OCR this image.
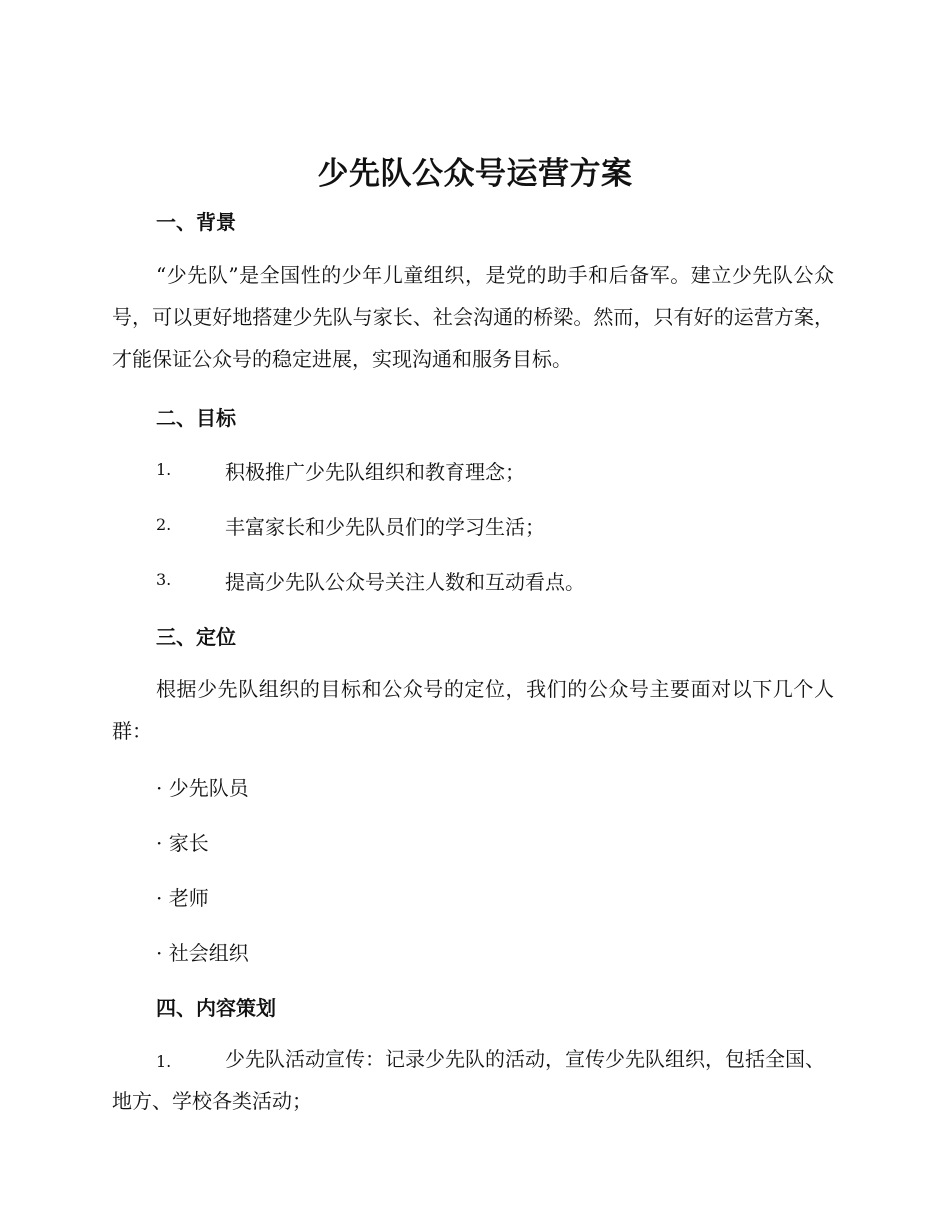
少先队公众号运营方案
一、背景
“少先队”是全国性的少年儿童组织，是党的助手和后备军。建立少先队公众号，可以更好地搭建少先队与家长、社会沟通的桥梁。然而，只有好的运营方案，才能保证公众号的稳定进展，实现沟通和服务目标。
二、目标
1.	积极推广少先队组织和教育理念；
2.	丰富家长和少先队员们的学习生活；
3.	提高少先队公众号关注人数和互动看点。
三、定位
根据少先队组织的目标和公众号的定位，我们的公众号主要面对以下几个人群：
· 少先队员
· 家长
· 老师
· 社会组织
四、内容策划
1.	少先队活动宣传：记录少先队的活动，宣传少先队组织，包括全国、地方、学校各类活动；
